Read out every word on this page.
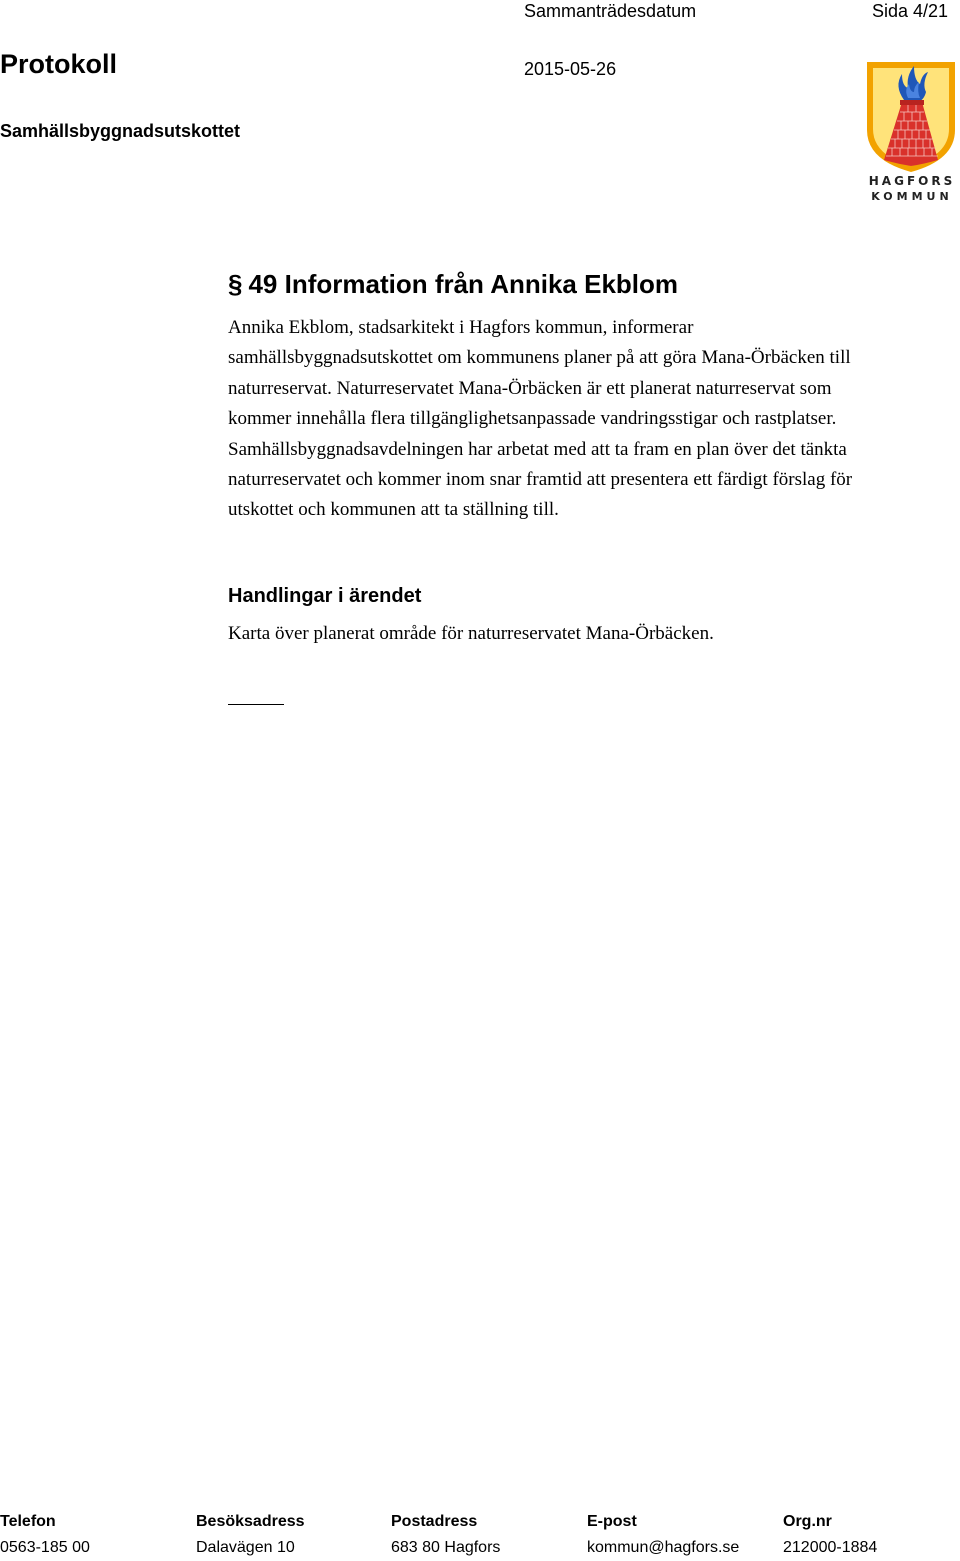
Sammanträdesdatum	Sida 4/21
Protokoll	2015-05-26
Samhällsbyggnadsutskottet
HAGFORS
KOMMUN
§ 49 Information från Annika Ekblom
Annika Ekblom, stadsarkitekt i Hagfors kommun, informerar
samhällsbyggnadsutskottet om kommunens planer på att göra Mana-Örbäcken till
naturreservat. Naturreservatet Mana-Örbäcken är ett planerat naturreservat som
kommer innehålla flera tillgänglighetsanpassade vandringsstigar och rastplatser.
Samhällsbyggnadsavdelningen har arbetat med att ta fram en plan över det tänkta
naturreservatet och kommer inom snar framtid att presentera ett färdigt förslag för
utskottet och kommunen att ta ställning till.
Handlingar i ärendet
Karta över planerat område för naturreservatet Mana-Örbäcken.
Telefon
0563-185 00
Besöksadress
Dalavägen 10
Postadress
683 80 Hagfors
E-post
kommun@hagfors.se
Org.nr
212000-1884
